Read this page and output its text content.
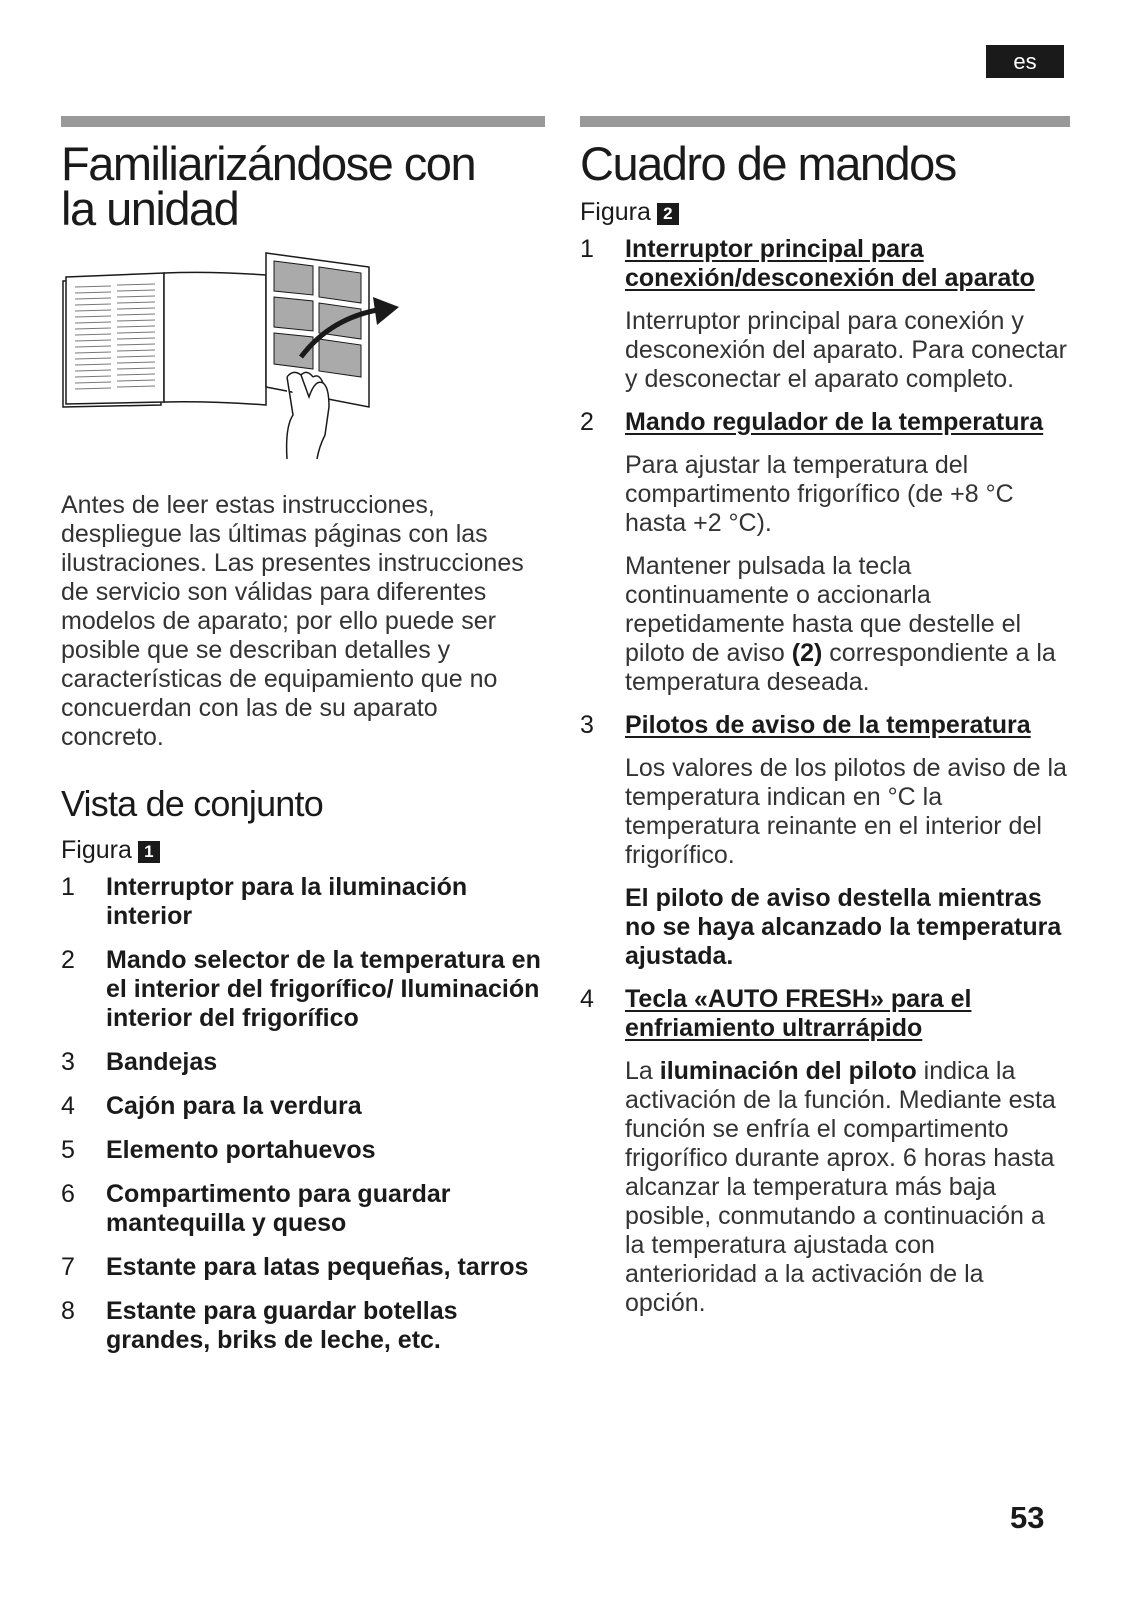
es
Familiarizándose con
la unidad
Antes de leer estas instrucciones, despliegue las últimas páginas con las ilustraciones. Las presentes instrucciones de servicio son válidas para diferentes modelos de aparato; por ello puede ser posible que se describan detalles y características de equipamiento que no concuerdan con las de su aparato concreto.
Vista de conjunto
Figura 1
1 Interruptor para la iluminación interior
2 Mando selector de la temperatura en el interior del frigorífico/ Iluminación interior del frigorífico
3 Bandejas
4 Cajón para la verdura
5 Elemento portahuevos
6 Compartimento para guardar mantequilla y queso
7 Estante para latas pequeñas, tarros
8 Estante para guardar botellas grandes, briks de leche, etc.
Cuadro de mandos
Figura 2
1 Interruptor principal para conexión/desconexión del aparato
Interruptor principal para conexión y desconexión del aparato. Para conectar y desconectar el aparato completo.
2 Mando regulador de la temperatura
Para ajustar la temperatura del compartimento frigorífico (de +8 °C hasta +2 °C).
Mantener pulsada la tecla continuamente o accionarla repetidamente hasta que destelle el piloto de aviso (2) correspondiente a la temperatura deseada.
3 Pilotos de aviso de la temperatura
Los valores de los pilotos de aviso de la temperatura indican en °C la temperatura reinante en el interior del frigorífico.
El piloto de aviso destella mientras no se haya alcanzado la temperatura ajustada.
4 Tecla «AUTO FRESH» para el enfriamiento ultrarrápido
La iluminación del piloto indica la activación de la función. Mediante esta función se enfría el compartimento frigorífico durante aprox. 6 horas hasta alcanzar la temperatura más baja posible, conmutando a continuación a la temperatura ajustada con anterioridad a la activación de la opción.
53
